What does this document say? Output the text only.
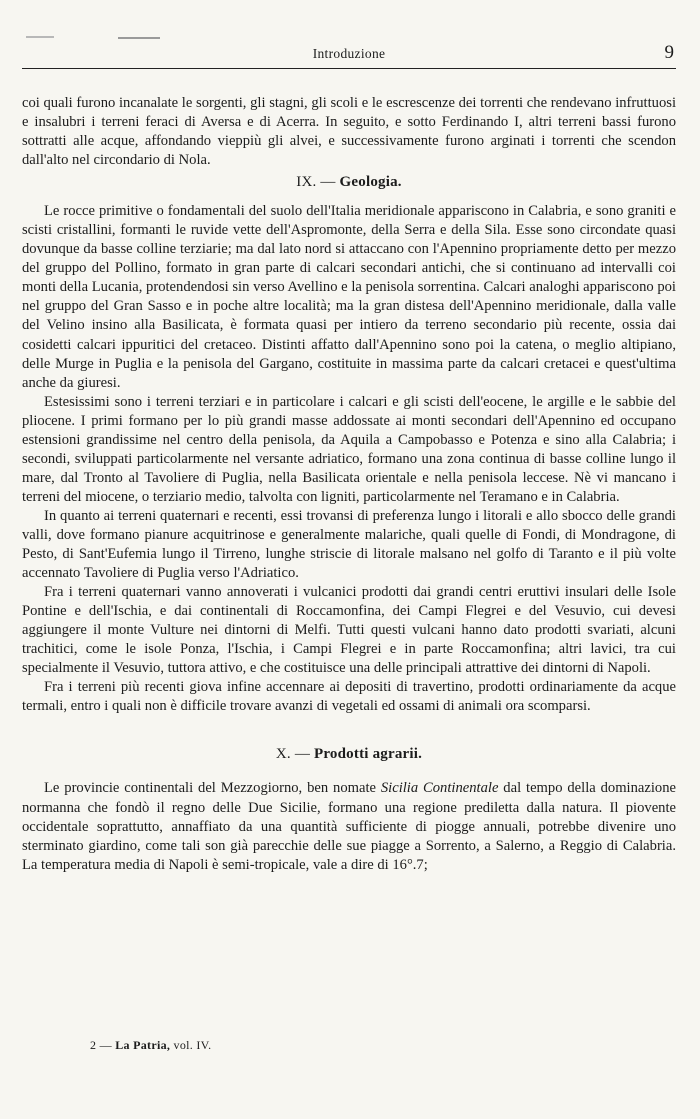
Introduzione	9

coi quali furono incanalate le sorgenti, gli stagni, gli scoli e le escrescenze dei torrenti che rendevano infruttuosi e insalubri i terreni feraci di Aversa e di Acerra. In seguito, e sotto Ferdinando I, altri terreni bassi furono sottratti alle acque, affondando vieppiù gli alvei, e successivamente furono arginati i torrenti che scendon dall'alto nel circondario di Nola.

IX. — Geologia.

Le rocce primitive o fondamentali del suolo dell'Italia meridionale appariscono in Calabria, e sono graniti e scisti cristallini, formanti le ruvide vette dell'Aspromonte, della Serra e della Sila. Esse sono circondate quasi dovunque da basse colline terziarie; ma dal lato nord si attaccano con l'Apennino propriamente detto per mezzo del gruppo del Pollino, formato in gran parte di calcari secondari antichi, che si continuano ad intervalli coi monti della Lucania, protendendosi sin verso Avellino e la penisola sorrentina. Calcari analoghi appariscono poi nel gruppo del Gran Sasso e in poche altre località; ma la gran distesa dell'Apennino meridionale, dalla valle del Velino insino alla Basilicata, è formata quasi per intiero da terreno secondario più recente, ossia dai cosidetti calcari ippuritici del cretaceo. Distinti affatto dall'Apennino sono poi la catena, o meglio altipiano, delle Murge in Puglia e la penisola del Gargano, costituite in massima parte da calcari cretacei e quest'ultima anche da giuresi.

Estesissimi sono i terreni terziari e in particolare i calcari e gli scisti dell'eocene, le argille e le sabbie del pliocene. I primi formano per lo più grandi masse addossate ai monti secondari dell'Apennino ed occupano estensioni grandissime nel centro della penisola, da Aquila a Campobasso e Potenza e sino alla Calabria; i secondi, sviluppati particolarmente nel versante adriatico, formano una zona continua di basse colline lungo il mare, dal Tronto al Tavoliere di Puglia, nella Basilicata orientale e nella penisola leccese. Nè vi mancano i terreni del miocene, o terziario medio, talvolta con ligniti, particolarmente nel Teramano e in Calabria.

In quanto ai terreni quaternari e recenti, essi trovansi di preferenza lungo i litorali e allo sbocco delle grandi valli, dove formano pianure acquitrinose e generalmente malariche, quali quelle di Fondi, di Mondragone, di Pesto, di Sant'Eufemia lungo il Tirreno, lunghe striscie di litorale malsano nel golfo di Taranto e il più volte accennato Tavoliere di Puglia verso l'Adriatico.

Fra i terreni quaternari vanno annoverati i vulcanici prodotti dai grandi centri eruttivi insulari delle Isole Pontine e dell'Ischia, e dai continentali di Roccamonfina, dei Campi Flegrei e del Vesuvio, cui devesi aggiungere il monte Vulture nei dintorni di Melfi. Tutti questi vulcani hanno dato prodotti svariati, alcuni trachitici, come le isole Ponza, l'Ischia, i Campi Flegrei e in parte Roccamonfina; altri lavici, tra cui specialmente il Vesuvio, tuttora attivo, e che costituisce una delle principali attrattive dei dintorni di Napoli.

Fra i terreni più recenti giova infine accennare ai depositi di travertino, prodotti ordinariamente da acque termali, entro i quali non è difficile trovare avanzi di vegetali ed ossami di animali ora scomparsi.

X. — Prodotti agrarii.

Le provincie continentali del Mezzogiorno, ben nomate Sicilia Continentale dal tempo della dominazione normanna che fondò il regno delle Due Sicilie, formano una regione prediletta dalla natura. Il piovente occidentale soprattutto, annaffiato da una quantità sufficiente di piogge annuali, potrebbe divenire uno sterminato giardino, come tali son già parecchie delle sue piagge a Sorrento, a Salerno, a Reggio di Calabria. La temperatura media di Napoli è semi-tropicale, vale a dire di 16°.7;

2 — La Patria, vol. IV.
